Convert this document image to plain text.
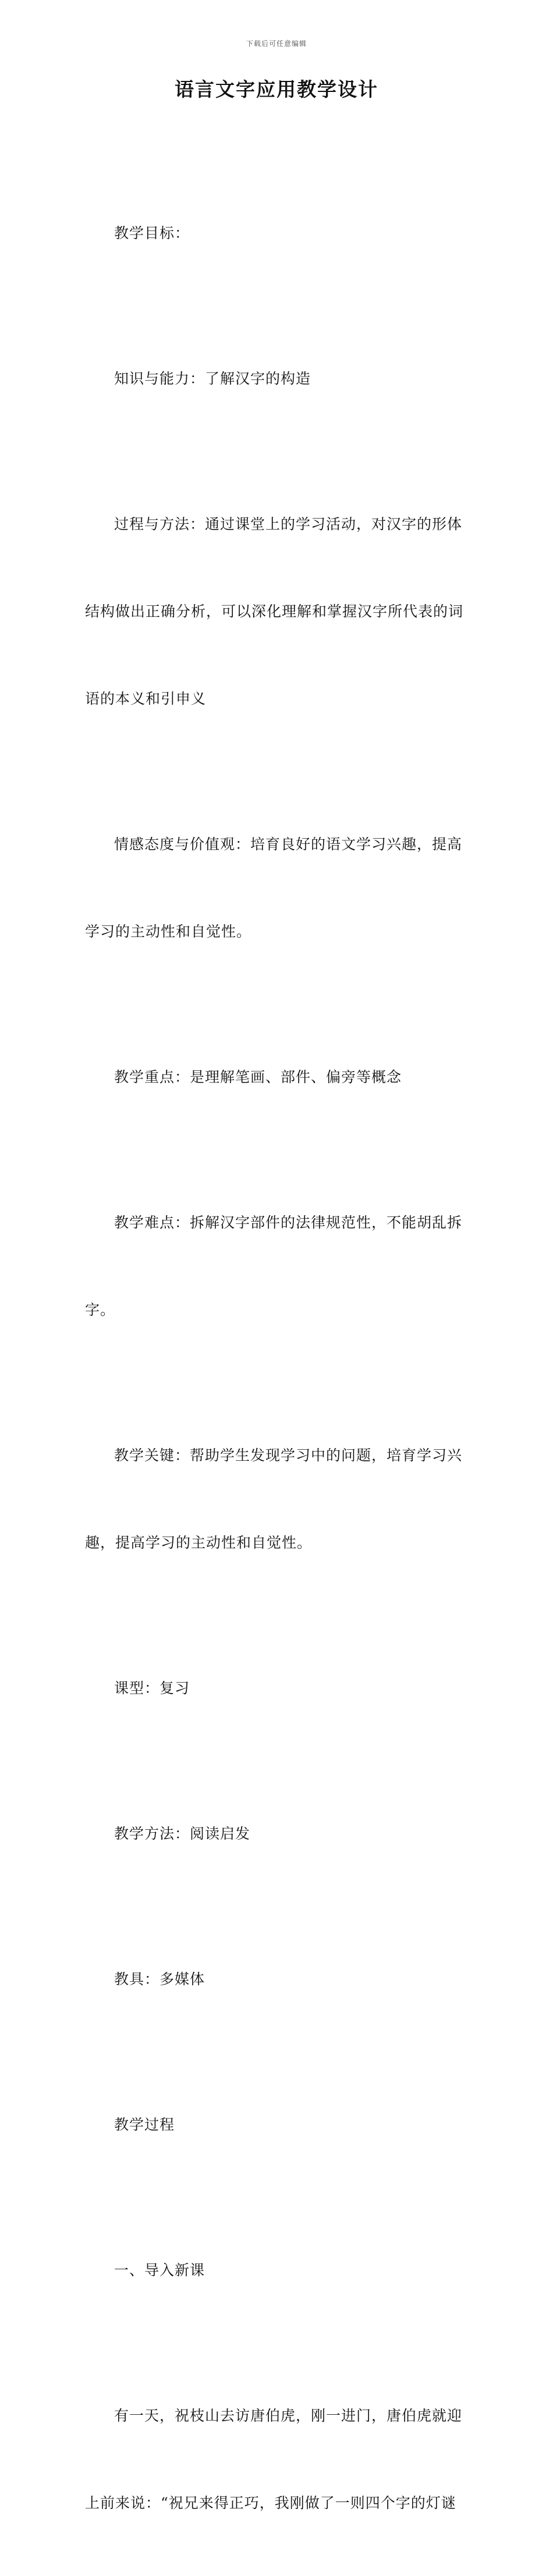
下载后可任意编辑
语言文字应用教学设计

教学目标：

知识与能力：了解汉字的构造

过程与方法：通过课堂上的学习活动，对汉字的形体

结构做出正确分析，可以深化理解和掌握汉字所代表的词

语的本义和引申义

情感态度与价值观：培育良好的语文学习兴趣，提高

学习的主动性和自觉性。

教学重点：是理解笔画、部件、偏旁等概念

教学难点：拆解汉字部件的法律规范性，不能胡乱拆

字。

教学关键：帮助学生发现学习中的问题，培育学习兴

趣，提高学习的主动性和自觉性。

课型：复习

教学方法：阅读启发

教具：多媒体

教学过程

一、导入新课

有一天，祝枝山去访唐伯虎，刚一进门，唐伯虎就迎

上前来说：“祝兄来得正巧，我刚做了一则四个字的灯谜
